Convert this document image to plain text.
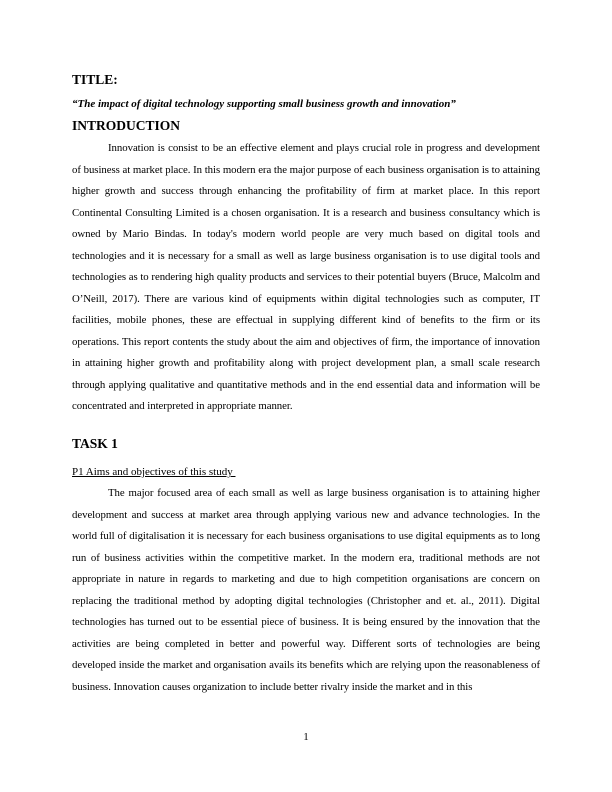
TITLE:

“The impact of digital technology supporting small business growth and innovation”

INTRODUCTION

Innovation is consist to be an effective element and plays crucial role in progress and development of business at market place. In this modern era the major purpose of each business organisation is to attaining higher growth and success through enhancing the profitability of firm at market place. In this report Continental Consulting Limited is a chosen organisation. It is a research and business consultancy which is owned by Mario Bindas. In today's modern world people are very much based on digital tools and technologies and it is necessary for a small as well as large business organisation is to use digital tools and technologies as to rendering high quality products and services to their potential buyers (Bruce, Malcolm and O’Neill, 2017). There are various kind of equipments within digital technologies such as computer, IT facilities, mobile phones, these are effectual in supplying different kind of benefits to the firm or its operations. This report contents the study about the aim and objectives of firm, the importance of innovation in attaining higher growth and profitability along with project development plan, a small scale research through applying qualitative and quantitative methods and in the end essential data and information will be concentrated and interpreted in appropriate manner.

TASK 1

P1 Aims and objectives of this study

The major focused area of each small as well as large business organisation is to attaining higher development and success at market area through applying various new and advance technologies. In the world full of digitalisation it is necessary for each business organisations to use digital equipments as to long run of business activities within the competitive market. In the modern era, traditional methods are not appropriate in nature in regards to marketing and due to high competition organisations are concern on replacing the traditional method by adopting digital technologies (Christopher and et. al., 2011). Digital technologies has turned out to be essential piece of business. It is being ensured by the innovation that the activities are being completed in better and powerful way. Different sorts of technologies are being developed inside the market and organisation avails its benefits which are relying upon the reasonableness of business. Innovation causes organization to include better rivalry inside the market and in this

1
